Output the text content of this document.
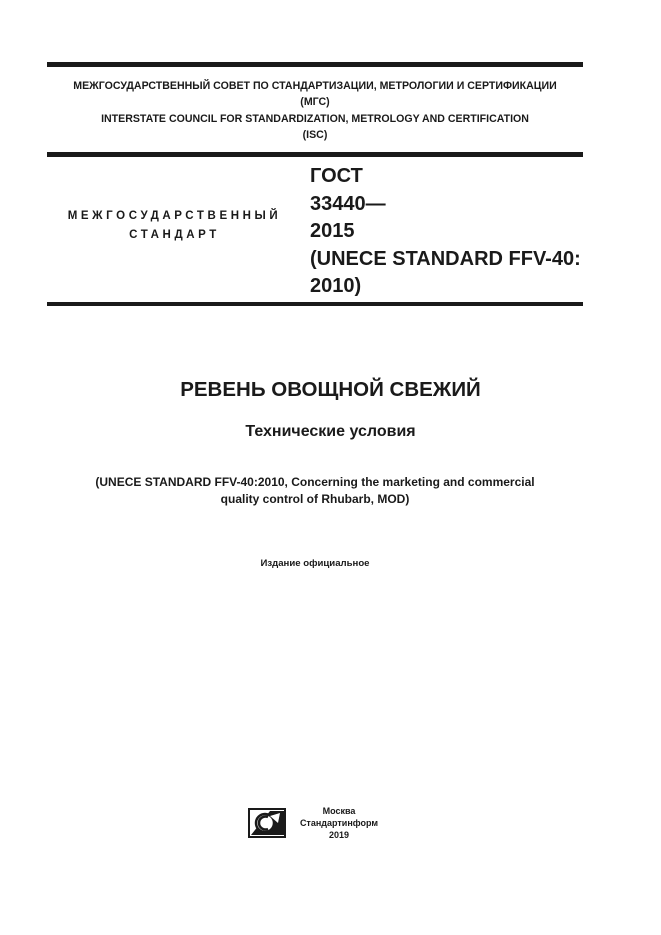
МЕЖГОСУДАРСТВЕННЫЙ СОВЕТ ПО СТАНДАРТИЗАЦИИ, МЕТРОЛОГИИ И СЕРТИФИКАЦИИ
(МГС)
INTERSTATE COUNCIL FOR STANDARDIZATION, METROLOGY AND CERTIFICATION
(ISC)
МЕЖГОСУДАРСТВЕННЫЙ
СТАНДАРТ
ГОСТ
33440—
2015
(UNECE STANDARD FFV-40:
2010)
РЕВЕНЬ ОВОЩНОЙ СВЕЖИЙ
Технические условия
(UNECE STANDARD FFV-40:2010, Concerning the marketing and commercial
quality control of Rhubarb, MOD)
Издание официальное
Москва
Стандартинформ
2019
